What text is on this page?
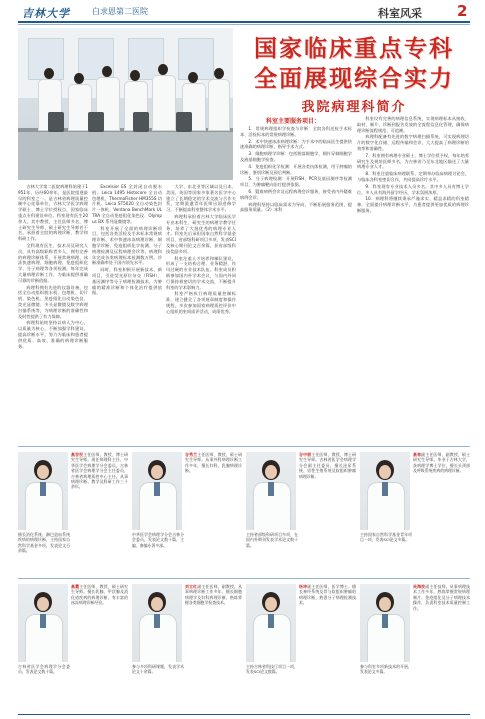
吉林大学	白求恩第二医院	科室风采 2
国家临床重点专科
全面展现综合实力
我院病理科简介

吉林大学第二医院病理科始建于1951年，历经60余年，是医院组建最早的科室之一。是吉林省病理质量控制中心挂靠单位，吉林大学医学病理学硕士、博士学位授权点，国家临床重点专科建设单位。科室现有医生20余人，其中教授、主任医师多名，博士研究生导师、硕士研究生导师若干名，承担着全院的病理诊断、教学和科研工作。

全科现有医生、技术员及研究人员，具有高级职称者多人，拥有完善的病理诊断体系，开展常规病理、冰冻快速病理、细胞病理、免疫组织化学、分子病理等各项检测，每年完成大量病理诊断工作，为临床提供准确可靠的诊断依据。

病理科拥有先进的仪器设备，包括全自动组织脱水机、包埋机、切片机、染色机、免疫组化自动染色仪、荧光显微镜、多头显微镜及数字病理扫描系统等，为病理诊断的准确性和及时性提供了有力保障。

病理科始终坚持以病人为中心，以质量为核心，不断加强学科建设，提高诊断水平，努力为临床和患者提供优质、高效、准确的病理诊断服务。

Excelsior ES 全封闭自动脱水机、Leica 1495 Histocore 全自动包埋机、ThermoFisher HM355S 切片机、Leica ST5020 全自动染色封片一体机、Ventana BenchMark ULTRA 全自动免疫组化染色仪、Olympus BX 系列显微镜等。

科室开展了全面的病理诊断项目，包括各类活检及手术标本常规病理诊断、术中快速冰冻病理诊断、细胞学诊断、免疫组织化学检测、分子病理检测及远程病理会诊等。病理科年完成各类病理标本检测数万例，诊断准确率处于国内领先水平。

同时，科室积极开展新技术、新项目，引进荧光原位杂交（FISH）、基因测序等分子病理检测技术，为肿瘤的精准诊断和个体化治疗提供依据。

大学、东北亚等区域以及日本、美国、英国等国家多家著名医学中心建立了长期稳定的学术交流与合作关系，定期派遣青年医师出国进修学习，不断提高科室整体学术水平。

病理科承担着吉林大学临床医学专业本科生、研究生的病理学教学任务，培养了大批优秀的病理专业人才。科室先后承担国家自然科学基金项目、省部级科研项目多项，发表SCI及核心期刊论文百余篇，获省部级科技奖励多项。

科室注重人才培养和梯队建设，形成了一支结构合理、业务精湛、作风过硬的专业技术队伍。科室成员积极参加国内外学术会议，与国内外同行保持着密切的学术交流，不断提升科室的学术影响力。

科室严格执行病理质量控制标准，建立健全了各项规章制度和操作规程，多次参加国家病理质控评价中心组织的室间质评活动，成绩优秀。

科室主要服务项目：

1．常规病理组织学检查与诊断：全院各科送检手术标本、活检标本的常规病理诊断。

2．术中快速冰冻病理诊断：为手术中的临床医生提供快速准确的病理诊断，指导手术方式。

3．细胞病理学诊断：包括脱落细胞学、细针穿刺细胞学及液基细胞学检查。

4．免疫组织化学检测：开展各类抗体检测，用于肿瘤的诊断、鉴别诊断及预后判断。

5．分子病理检测：开展FISH、PCR及基因测序等检测项目，为肿瘤靶向治疗提供依据。

6．疑难病例会诊及远程病理会诊服务，接受省内外疑难病例会诊。

病理科坚持以临床需求为导向，不断拓展服务范围，提高服务质量。（2）本科

科室设有完善的病理信息系统，实现病理标本从接收、取材、制片、诊断到报告发放的全流程信息化管理，确保病理诊断流程规范、可追溯。

病理科配备有先进的数字病理扫描系统，可实现病理切片的数字化存储、远程传输和会诊，大大提高了病理诊断的效率和准确性。

7．科室拥有病理专业硕士、博士学位授予权，每年培养研究生及规培医师多名，为吉林省乃至东北地区输送了大量病理专业人才。

8．科室注重临床病理联系，定期举办临床病理讨论会，与临床各科室密切合作，共同提高诊疗水平。

9．科室现有专业技术人员多名，其中多人具有博士学位，多人具有海外留学经历，学术氛围浓厚。

10．病理科将继续秉承严谨求实、精益求精的科室精神，全面提升病理诊断水平，为患者提供更加优质的病理诊断服务。

高世权主任医师，教授，博士研究生导师。现任病理科主任，中华医学会病理学分会委员，吉林省医学会病理学分会主任委员，吉林省病理质控中心主任。从事病理诊断、教学及科研工作三十余年。
擅长消化系统、淋巴造血系统疾病的病理诊断，主持国家自然科学基金多项，发表论文百余篇。
谷秀兰主任医师，教授，硕士研究生导师。从事外科病理诊断工作多年，擅长妇科、乳腺病理诊断。
中华医学会病理学分会吉林分会委员，发表论文数十篇，主编、参编专著多部。
谷中丽主任医师，教授，博士研究生导师。吉林省医学会病理学分会副主任委员，擅长泌尿系统、男性生殖系统及软组织肿瘤病理诊断。
主持省部级科研项目多项，在国内外期刊发表学术论文数十篇。
高林副主任医师，副教授，硕士研究生导师。毕业于吉林大学，获病理学博士学位，擅长头颈部及呼吸系统疾病的病理诊断。
主持国家自然科学基金青年项目一项，发表SCI论文多篇。
高霞主任医师，教授，硕士研究生导师。擅长乳腺、甲状腺及消化道疾病的病理诊断，有丰富的冰冻病理诊断经验。
吉林省医学会病理学分会委员，发表论文数十篇。
刘立红副主任医师，副教授。从事病理诊断工作多年，擅长细胞病理学及妇科病理诊断，熟练掌握各类细胞学检查技术。
参与多项科研课题，发表学术论文十余篇。
杨坤副主任医师，医学博士。擅长神经系统及骨与软组织肿瘤的病理诊断，熟悉分子病理检测技术。
主持吉林省科技厅项目一项，发表SCI论文数篇。
吴海波副主任技师。从事病理技术工作多年，熟练掌握常规病理制片、免疫组化及分子病理技术操作，负责科室技术质量控制工作。
参与科室多项新技术的开展，发表论文多篇。
